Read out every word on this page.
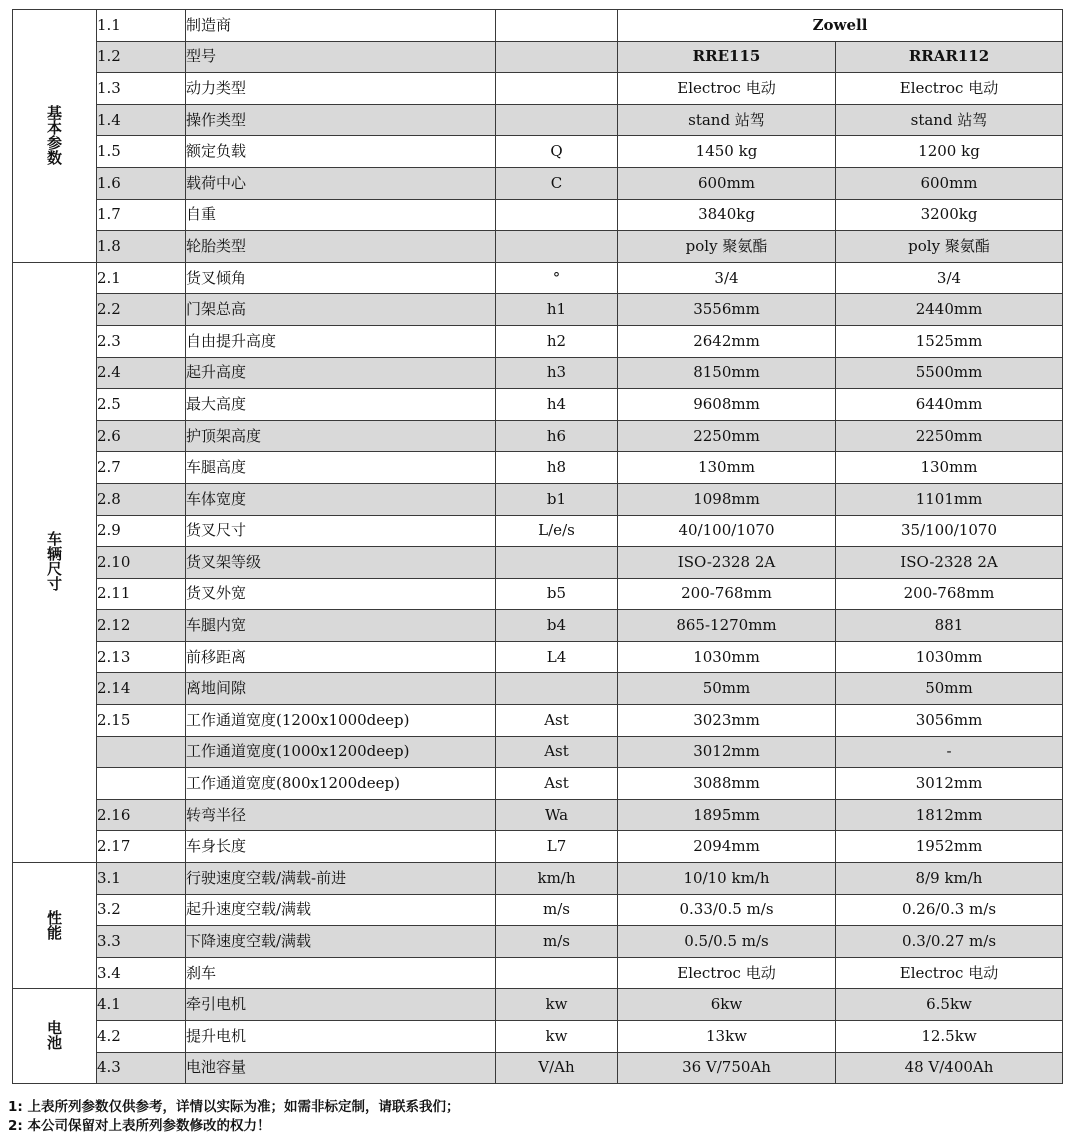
基本参数	1.1	制造商		Zowell	
	1.2	型号		RRE115	RRAR112
	1.3	动力类型		Electroc 电动	Electroc 电动
	1.4	操作类型		stand 站驾	stand 站驾
	1.5	额定负载	Q	1450 kg	1200 kg
	1.6	载荷中心	C	600mm	600mm
	1.7	自重		3840kg	3200kg
	1.8	轮胎类型		poly 聚氨酯	poly 聚氨酯
车辆尺寸	2.1	货叉倾角	°	3/4	3/4
	2.2	门架总高	h1	3556mm	2440mm
	2.3	自由提升高度	h2	2642mm	1525mm
	2.4	起升高度	h3	8150mm	5500mm
	2.5	最大高度	h4	9608mm	6440mm
	2.6	护顶架高度	h6	2250mm	2250mm
	2.7	车腿高度	h8	130mm	130mm
	2.8	车体宽度	b1	1098mm	1101mm
	2.9	货叉尺寸	L/e/s	40/100/1070	35/100/1070
	2.10	货叉架等级		ISO-2328 2A	ISO-2328 2A
	2.11	货叉外宽	b5	200-768mm	200-768mm
	2.12	车腿内宽	b4	865-1270mm	881
	2.13	前移距离	L4	1030mm	1030mm
	2.14	离地间隙		50mm	50mm
	2.15	工作通道宽度(1200x1000deep)	Ast	3023mm	3056mm
		工作通道宽度(1000x1200deep)	Ast	3012mm	-
		工作通道宽度(800x1200deep)	Ast	3088mm	3012mm
	2.16	转弯半径	Wa	1895mm	1812mm
	2.17	车身长度	L7	2094mm	1952mm
性能	3.1	行驶速度空载/满载-前进	km/h	10/10 km/h	8/9 km/h
	3.2	起升速度空载/满载	m/s	0.33/0.5 m/s	0.26/0.3 m/s
	3.3	下降速度空载/满载	m/s	0.5/0.5 m/s	0.3/0.27 m/s
	3.4	刹车		Electroc 电动	Electroc 电动
电池	4.1	牵引电机	kw	6kw	6.5kw
	4.2	提升电机	kw	13kw	12.5kw
	4.3	电池容量	V/Ah	36 V/750Ah	48 V/400Ah
1: 上表所列参数仅供参考，详情以实际为准；如需非标定制，请联系我们；
2: 本公司保留对上表所列参数修改的权力！
